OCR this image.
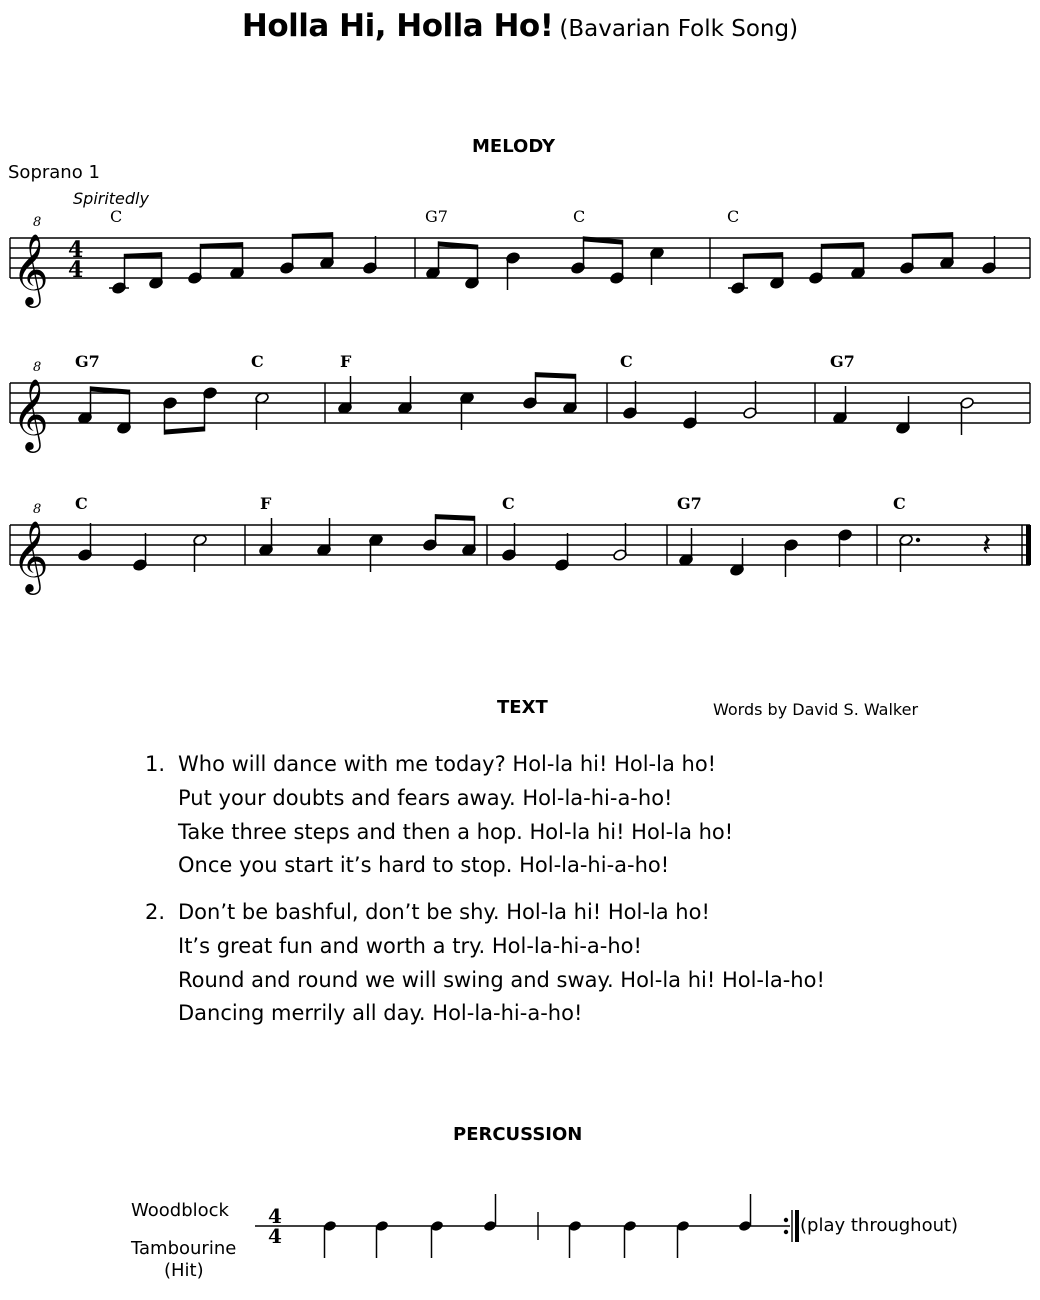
Holla Hi, Holla Ho! (Bavarian Folk Song)
MELODY
Soprano 1
Spiritedly
𝄞
8
4
4
C	G7	C	C
𝄞
8 G7	C	F	C	G7
𝄞
8
𝄽
C	F	C	G7	C
TEXT	Words by David S. Walker
1. Who will dance with me today? Hol-la hi! Hol-la ho!
Put your doubts and fears away. Hol-la-hi-a-ho!
Take three steps and then a hop. Hol-la hi! Hol-la ho!
Once you start it’s hard to stop. Hol-la-hi-a-ho!
2. Don’t be bashful, don’t be shy. Hol-la hi! Hol-la ho!
It’s great fun and worth a try. Hol-la-hi-a-ho!
Round and round we will swing and sway. Hol-la hi! Hol-la-ho!
Dancing merrily all day. Hol-la-hi-a-ho!
PERCUSSION
Woodblock
Tambourine
(Hit)
4
4	(play throughout)
